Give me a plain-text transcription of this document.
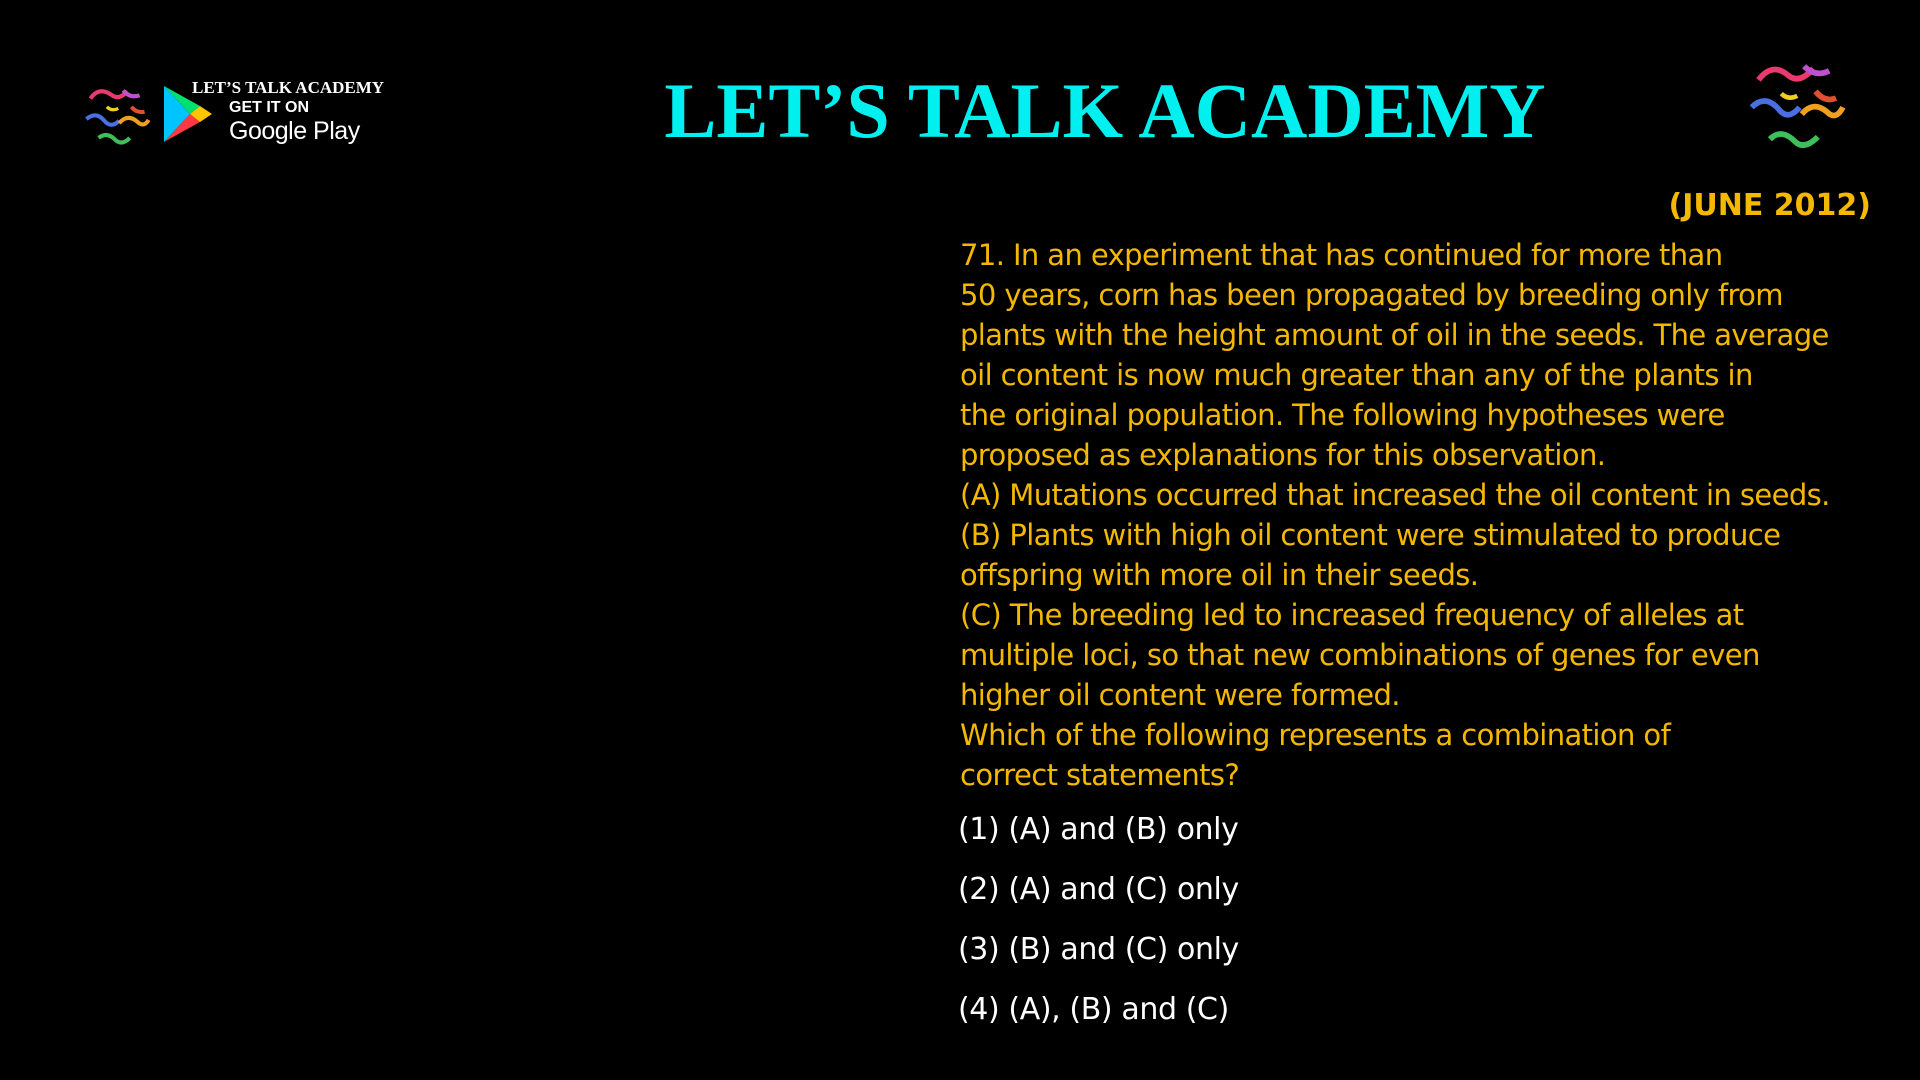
LET’S TALK ACADEMY
GET IT ON
Google Play	LET’S TALK ACADEMY
(JUNE 2012)
71. In an experiment that has continued for more than
50 years, corn has been propagated by breeding only from
plants with the height amount of oil in the seeds. The average
oil content is now much greater than any of the plants in
the original population. The following hypotheses were
proposed as explanations for this observation.
(A) Mutations occurred that increased the oil content in seeds.
(B) Plants with high oil content were stimulated to produce
offspring with more oil in their seeds.
(C) The breeding led to increased frequency of alleles at
multiple loci, so that new combinations of genes for even
higher oil content were formed.
Which of the following represents a combination of
correct statements?
(1) (A) and (B) only
(2) (A) and (C) only
(3) (B) and (C) only
(4) (A), (B) and (C)
